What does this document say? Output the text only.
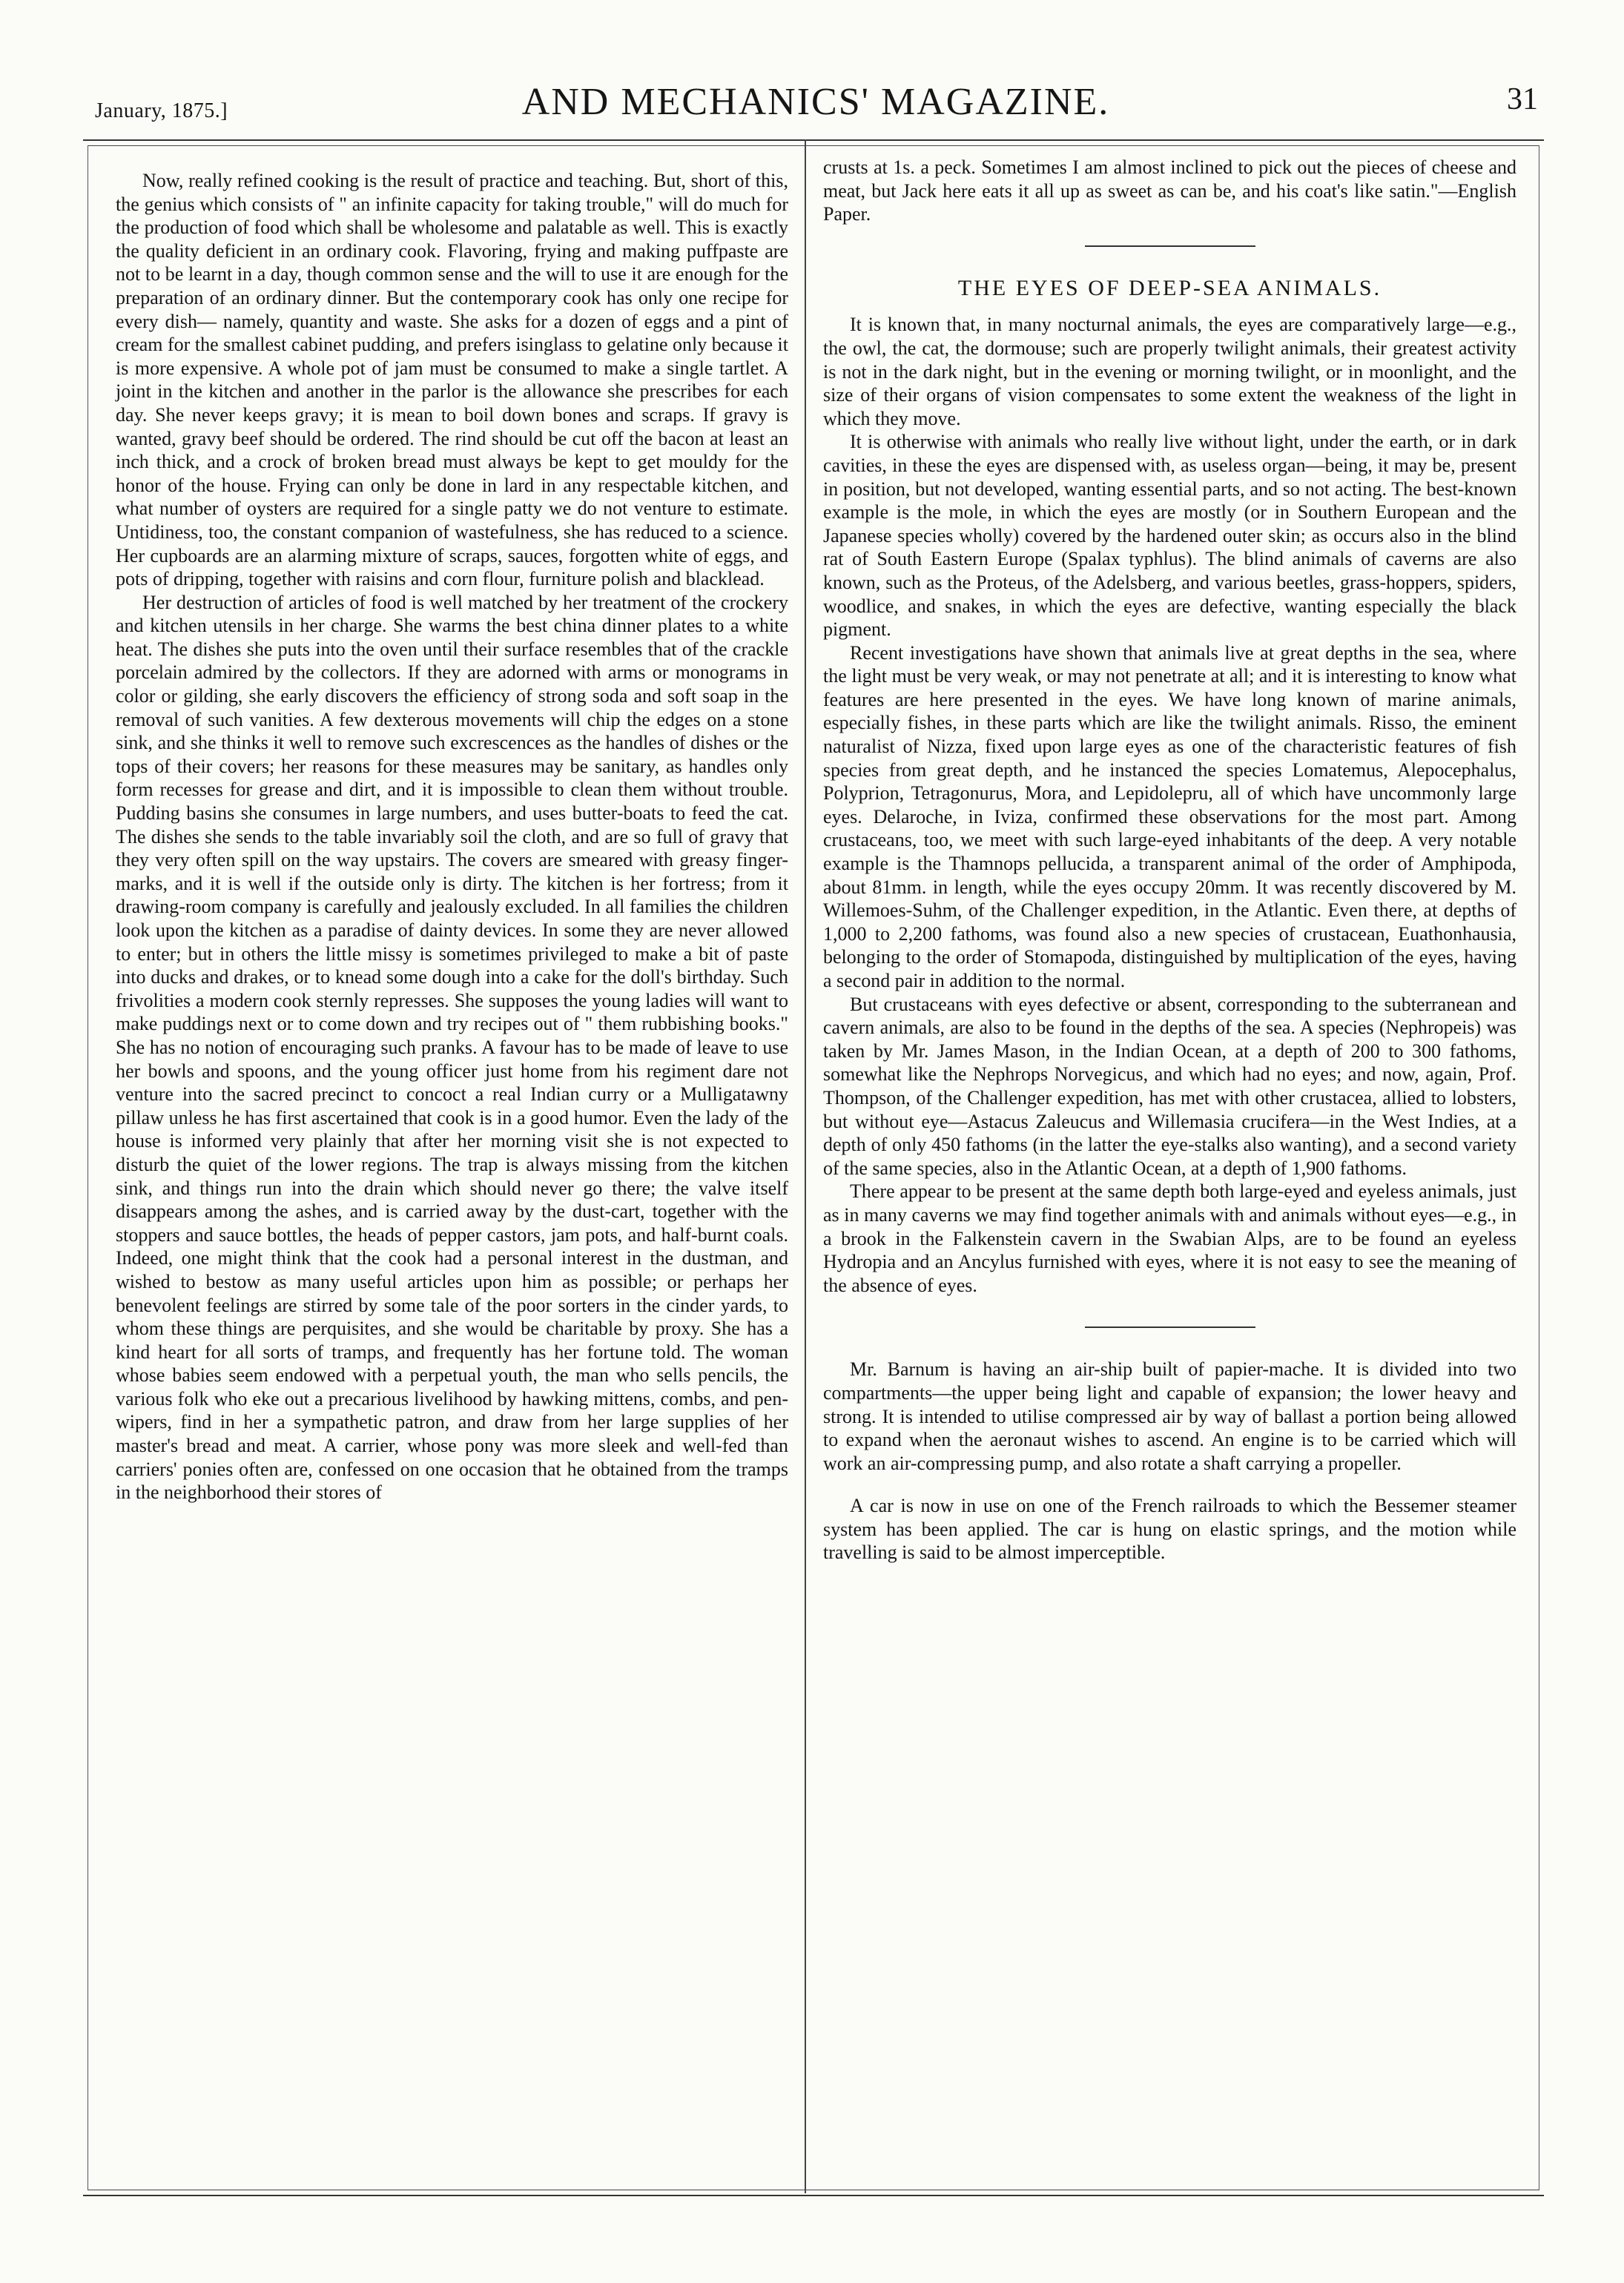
January, 1875.]	AND MECHANICS' MAGAZINE.	31

Now, really refined cooking is the result of practice and teaching. But, short of this, the genius which consists of " an infinite capacity for taking trouble," will do much for the production of food which shall be wholesome and palatable as well. This is exactly the quality deficient in an ordinary cook. Flavoring, frying and making puffpaste are not to be learnt in a day, though common sense and the will to use it are enough for the preparation of an ordinary dinner. But the contemporary cook has only one recipe for every dish— namely, quantity and waste. She asks for a dozen of eggs and a pint of cream for the smallest cabinet pudding, and prefers isinglass to gelatine only because it is more expensive. A whole pot of jam must be consumed to make a single tartlet. A joint in the kitchen and another in the parlor is the allowance she prescribes for each day. She never keeps gravy; it is mean to boil down bones and scraps. If gravy is wanted, gravy beef should be ordered. The rind should be cut off the bacon at least an inch thick, and a crock of broken bread must always be kept to get mouldy for the honor of the house. Frying can only be done in lard in any respectable kitchen, and what number of oysters are required for a single patty we do not venture to estimate. Untidiness, too, the constant companion of wastefulness, she has reduced to a science. Her cupboards are an alarming mixture of scraps, sauces, forgotten white of eggs, and pots of dripping, together with raisins and corn flour, furniture polish and blacklead.

Her destruction of articles of food is well matched by her treatment of the crockery and kitchen utensils in her charge. She warms the best china dinner plates to a white heat. The dishes she puts into the oven until their surface resembles that of the crackle porcelain admired by the collectors. If they are adorned with arms or monograms in color or gilding, she early discovers the efficiency of strong soda and soft soap in the removal of such vanities. A few dexterous movements will chip the edges on a stone sink, and she thinks it well to remove such excrescences as the handles of dishes or the tops of their covers; her reasons for these measures may be sanitary, as handles only form recesses for grease and dirt, and it is impossible to clean them without trouble. Pudding basins she consumes in large numbers, and uses butter-boats to feed the cat. The dishes she sends to the table invariably soil the cloth, and are so full of gravy that they very often spill on the way upstairs. The covers are smeared with greasy finger-marks, and it is well if the outside only is dirty. The kitchen is her fortress; from it drawing-room company is carefully and jealously excluded. In all families the children look upon the kitchen as a paradise of dainty devices. In some they are never allowed to enter; but in others the little missy is sometimes privileged to make a bit of paste into ducks and drakes, or to knead some dough into a cake for the doll's birthday. Such frivolities a modern cook sternly represses. She supposes the young ladies will want to make puddings next or to come down and try recipes out of " them rubbishing books." She has no notion of encouraging such pranks. A favour has to be made of leave to use her bowls and spoons, and the young officer just home from his regiment dare not venture into the sacred precinct to concoct a real Indian curry or a Mulligatawny pillaw unless he has first ascertained that cook is in a good humor. Even the lady of the house is informed very plainly that after her morning visit she is not expected to disturb the quiet of the lower regions. The trap is always missing from the kitchen sink, and things run into the drain which should never go there; the valve itself disappears among the ashes, and is carried away by the dust-cart, together with the stoppers and sauce bottles, the heads of pepper castors, jam pots, and half-burnt coals. Indeed, one might think that the cook had a personal interest in the dustman, and wished to bestow as many useful articles upon him as possible; or perhaps her benevolent feelings are stirred by some tale of the poor sorters in the cinder yards, to whom these things are perquisites, and she would be charitable by proxy. She has a kind heart for all sorts of tramps, and frequently has her fortune told. The woman whose babies seem endowed with a perpetual youth, the man who sells pencils, the various folk who eke out a precarious livelihood by hawking mittens, combs, and pen-wipers, find in her a sympathetic patron, and draw from her large supplies of her master's bread and meat. A carrier, whose pony was more sleek and well-fed than carriers' ponies often are, confessed on one occasion that he obtained from the tramps in the neighborhood their stores of

crusts at 1s. a peck. Sometimes I am almost inclined to pick out the pieces of cheese and meat, but Jack here eats it all up as sweet as can be, and his coat's like satin."—English Paper.

THE EYES OF DEEP-SEA ANIMALS.

It is known that, in many nocturnal animals, the eyes are comparatively large—e.g., the owl, the cat, the dormouse; such are properly twilight animals, their greatest activity is not in the dark night, but in the evening or morning twilight, or in moonlight, and the size of their organs of vision compensates to some extent the weakness of the light in which they move.

It is otherwise with animals who really live without light, under the earth, or in dark cavities, in these the eyes are dispensed with, as useless organ—being, it may be, present in position, but not developed, wanting essential parts, and so not acting. The best-known example is the mole, in which the eyes are mostly (or in Southern European and the Japanese species wholly) covered by the hardened outer skin; as occurs also in the blind rat of South Eastern Europe (Spalax typhlus). The blind animals of caverns are also known, such as the Proteus, of the Adelsberg, and various beetles, grass-hoppers, spiders, woodlice, and snakes, in which the eyes are defective, wanting especially the black pigment.

Recent investigations have shown that animals live at great depths in the sea, where the light must be very weak, or may not penetrate at all; and it is interesting to know what features are here presented in the eyes. We have long known of marine animals, especially fishes, in these parts which are like the twilight animals. Risso, the eminent naturalist of Nizza, fixed upon large eyes as one of the characteristic features of fish species from great depth, and he instanced the species Lomatemus, Alepocephalus, Polyprion, Tetragonurus, Mora, and Lepidolepru, all of which have uncommonly large eyes. Delaroche, in Iviza, confirmed these observations for the most part. Among crustaceans, too, we meet with such large-eyed inhabitants of the deep. A very notable example is the Thamnops pellucida, a transparent animal of the order of Amphipoda, about 81mm. in length, while the eyes occupy 20mm. It was recently discovered by M. Willemoes-Suhm, of the Challenger expedition, in the Atlantic. Even there, at depths of 1,000 to 2,200 fathoms, was found also a new species of crustacean, Euathonhausia, belonging to the order of Stomapoda, distinguished by multiplication of the eyes, having a second pair in addition to the normal.

But crustaceans with eyes defective or absent, corresponding to the subterranean and cavern animals, are also to be found in the depths of the sea. A species (Nephropeis) was taken by Mr. James Mason, in the Indian Ocean, at a depth of 200 to 300 fathoms, somewhat like the Nephrops Norvegicus, and which had no eyes; and now, again, Prof. Thompson, of the Challenger expedition, has met with other crustacea, allied to lobsters, but without eye—Astacus Zaleucus and Willemasia crucifera—in the West Indies, at a depth of only 450 fathoms (in the latter the eye-stalks also wanting), and a second variety of the same species, also in the Atlantic Ocean, at a depth of 1,900 fathoms.

There appear to be present at the same depth both large-eyed and eyeless animals, just as in many caverns we may find together animals with and animals without eyes—e.g., in a brook in the Falkenstein cavern in the Swabian Alps, are to be found an eyeless Hydropia and an Ancylus furnished with eyes, where it is not easy to see the meaning of the absence of eyes.

Mr. Barnum is having an air-ship built of papier-mache. It is divided into two compartments—the upper being light and capable of expansion; the lower heavy and strong. It is intended to utilise compressed air by way of ballast a portion being allowed to expand when the aeronaut wishes to ascend. An engine is to be carried which will work an air-compressing pump, and also rotate a shaft carrying a propeller.

A car is now in use on one of the French railroads to which the Bessemer steamer system has been applied. The car is hung on elastic springs, and the motion while travelling is said to be almost imperceptible.
